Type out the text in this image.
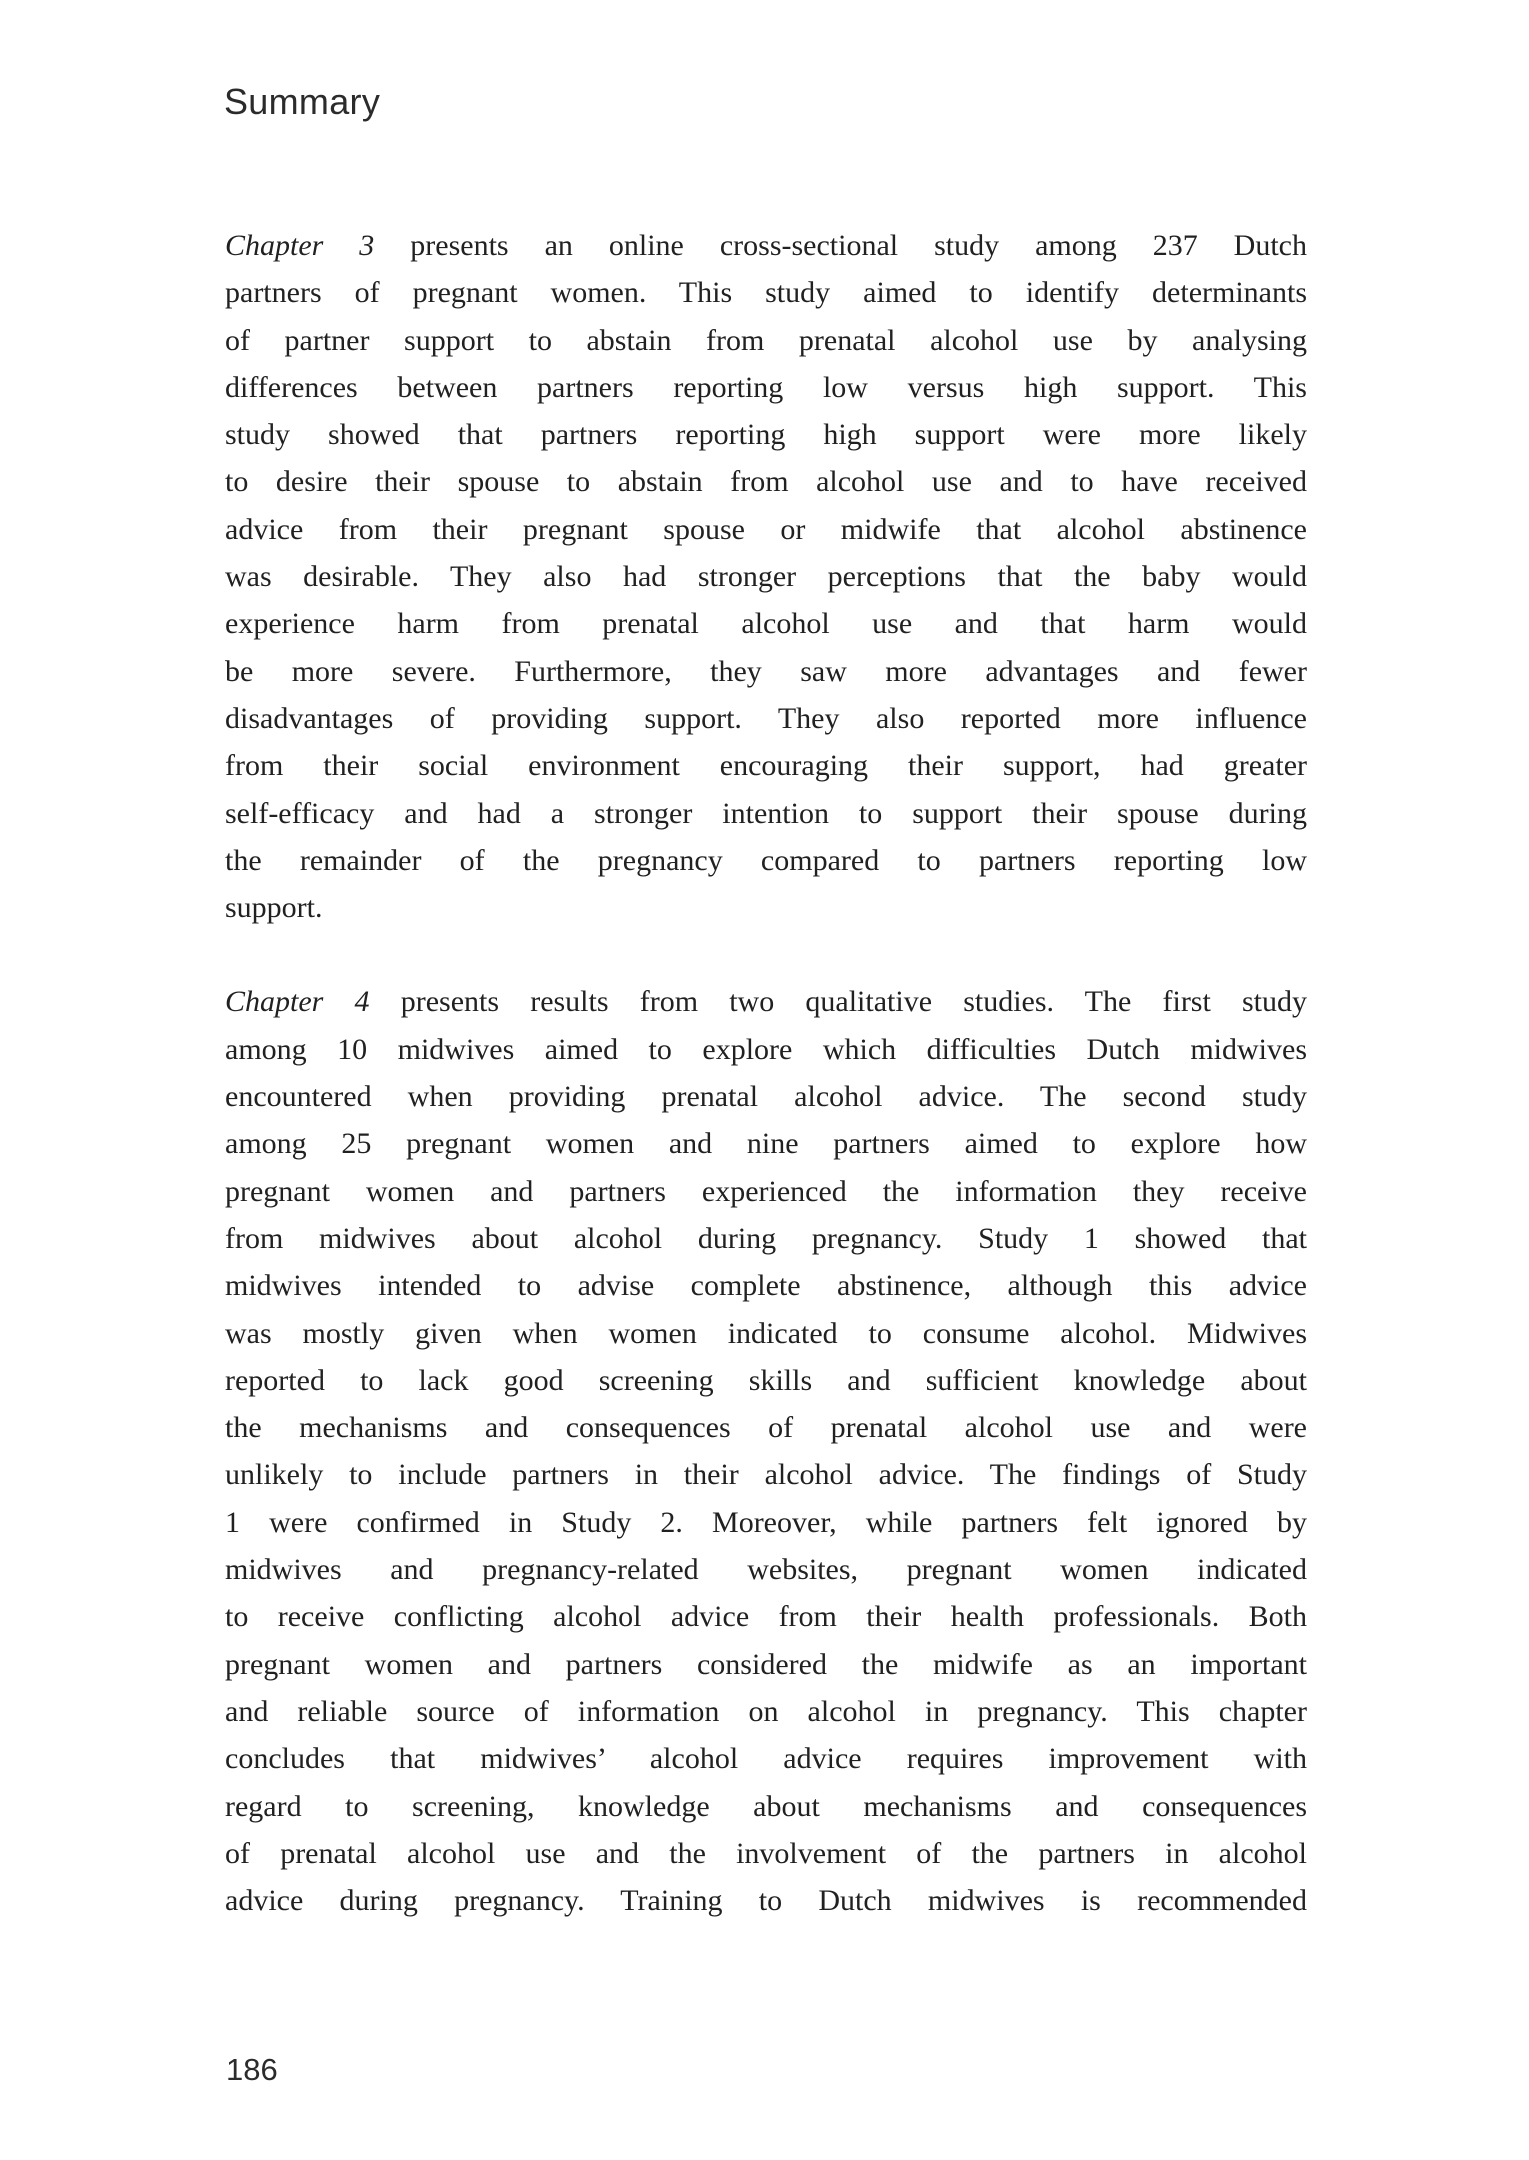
Summary
Chapter 3 presents an online cross-sectional study among 237 Dutch
partners of pregnant women. This study aimed to identify determinants
of partner support to abstain from prenatal alcohol use by analysing
differences between partners reporting low versus high support. This
study showed that partners reporting high support were more likely
to desire their spouse to abstain from alcohol use and to have received
advice from their pregnant spouse or midwife that alcohol abstinence
was desirable. They also had stronger perceptions that the baby would
experience harm from prenatal alcohol use and that harm would
be more severe. Furthermore, they saw more advantages and fewer
disadvantages of providing support. They also reported more influence
from their social environment encouraging their support, had greater
self-efficacy and had a stronger intention to support their spouse during
the remainder of the pregnancy compared to partners reporting low
support.
Chapter 4 presents results from two qualitative studies. The first study
among 10 midwives aimed to explore which difficulties Dutch midwives
encountered when providing prenatal alcohol advice. The second study
among 25 pregnant women and nine partners aimed to explore how
pregnant women and partners experienced the information they receive
from midwives about alcohol during pregnancy. Study 1 showed that
midwives intended to advise complete abstinence, although this advice
was mostly given when women indicated to consume alcohol. Midwives
reported to lack good screening skills and sufficient knowledge about
the mechanisms and consequences of prenatal alcohol use and were
unlikely to include partners in their alcohol advice. The findings of Study
1 were confirmed in Study 2. Moreover, while partners felt ignored by
midwives and pregnancy-related websites, pregnant women indicated
to receive conflicting alcohol advice from their health professionals. Both
pregnant women and partners considered the midwife as an important
and reliable source of information on alcohol in pregnancy. This chapter
concludes that midwives’ alcohol advice requires improvement with
regard to screening, knowledge about mechanisms and consequences
of prenatal alcohol use and the involvement of the partners in alcohol
advice during pregnancy. Training to Dutch midwives is recommended
186
